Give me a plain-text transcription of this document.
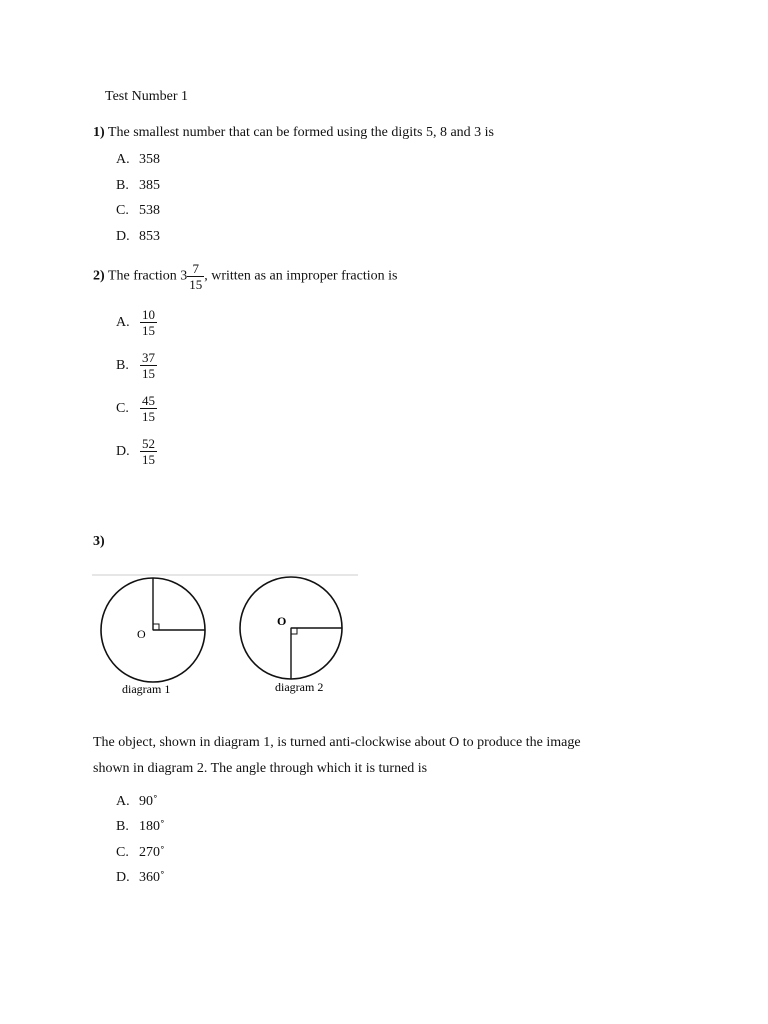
Test Number 1
1) The smallest number that can be formed using the digits 5, 8 and 3 is
A. 358
B. 385
C. 538
D. 853
2) The fraction $3 \frac{7}{15}$ , written as an improper fraction is
A. $\frac{10}{15}$
B. $\frac{37}{15}$
C. $\frac{45}{15}$
D. $\frac{52}{15}$
3)
O
diagram 1
O
diagram 2
The object, shown in diagram 1, is turned anti-clockwise about O to produce the image
shown in diagram 2. The angle through which it is turned is
A. 90˚
B. 180˚
C. 270˚
D. 360˚
